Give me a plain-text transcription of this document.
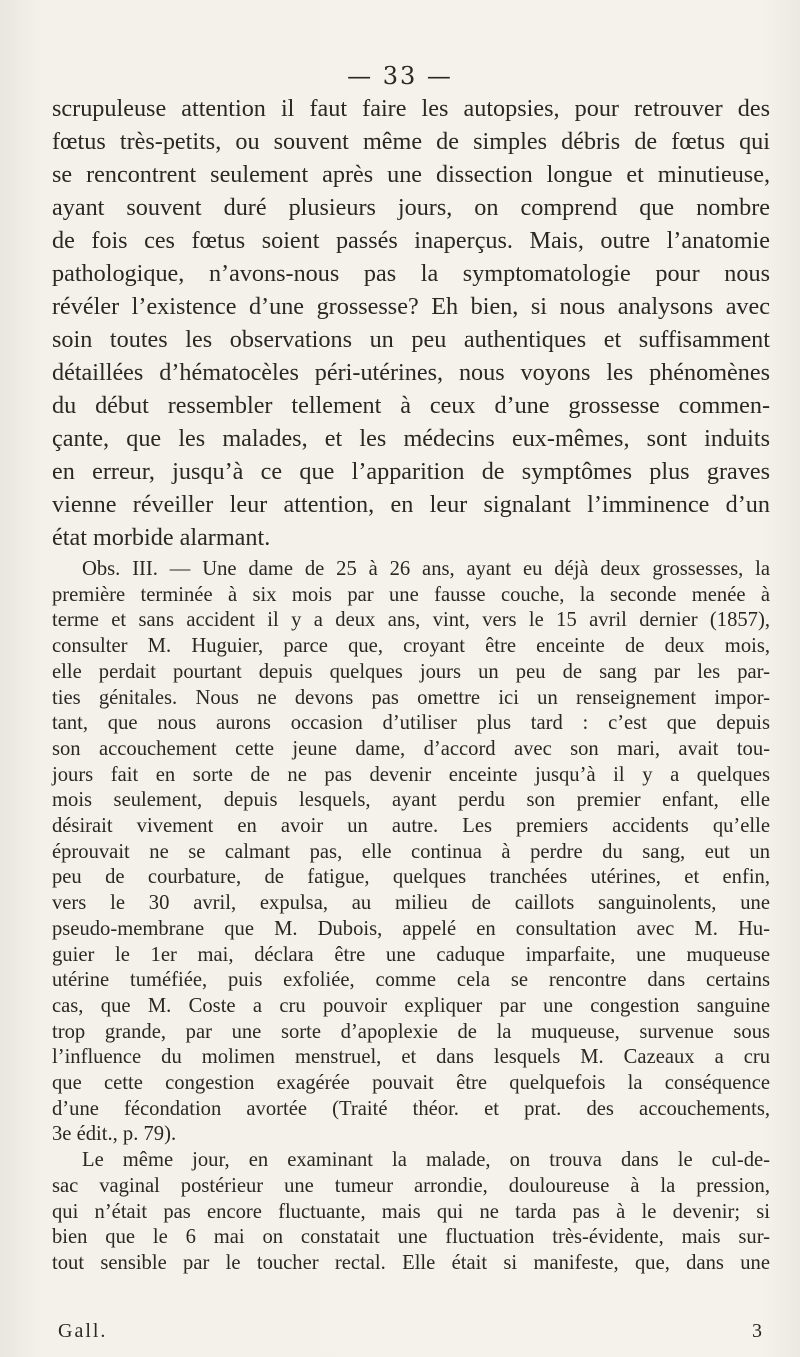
— 33 —
scrupuleuse attention il faut faire les autopsies, pour retrouver des
fœtus très-petits, ou souvent même de simples débris de fœtus qui
se rencontrent seulement après une dissection longue et minutieuse,
ayant souvent duré plusieurs jours, on comprend que nombre
de fois ces fœtus soient passés inaperçus. Mais, outre l’anatomie
pathologique, n’avons-nous pas la symptomatologie pour nous
révéler l’existence d’une grossesse? Eh bien, si nous analysons avec
soin toutes les observations un peu authentiques et suffisamment
détaillées d’hématocèles péri-utérines, nous voyons les phénomènes
du début ressembler tellement à ceux d’une grossesse commen-
çante, que les malades, et les médecins eux-mêmes, sont induits
en erreur, jusqu’à ce que l’apparition de symptômes plus graves
vienne réveiller leur attention, en leur signalant l’imminence d’un
état morbide alarmant.
Obs. III. — Une dame de 25 à 26 ans, ayant eu déjà deux grossesses, la
première terminée à six mois par une fausse couche, la seconde menée à
terme et sans accident il y a deux ans, vint, vers le 15 avril dernier (1857),
consulter M. Huguier, parce que, croyant être enceinte de deux mois,
elle perdait pourtant depuis quelques jours un peu de sang par les par-
ties génitales. Nous ne devons pas omettre ici un renseignement impor-
tant, que nous aurons occasion d’utiliser plus tard : c’est que depuis
son accouchement cette jeune dame, d’accord avec son mari, avait tou-
jours fait en sorte de ne pas devenir enceinte jusqu’à il y a quelques
mois seulement, depuis lesquels, ayant perdu son premier enfant, elle
désirait vivement en avoir un autre. Les premiers accidents qu’elle
éprouvait ne se calmant pas, elle continua à perdre du sang, eut un
peu de courbature, de fatigue, quelques tranchées utérines, et enfin,
vers le 30 avril, expulsa, au milieu de caillots sanguinolents, une
pseudo-membrane que M. Dubois, appelé en consultation avec M. Hu-
guier le 1er mai, déclara être une caduque imparfaite, une muqueuse
utérine tuméfiée, puis exfoliée, comme cela se rencontre dans certains
cas, que M. Coste a cru pouvoir expliquer par une congestion sanguine
trop grande, par une sorte d’apoplexie de la muqueuse, survenue sous
l’influence du molimen menstruel, et dans lesquels M. Cazeaux a cru
que cette congestion exagérée pouvait être quelquefois la conséquence
d’une fécondation avortée (Traité théor. et prat. des accouchements,
3e édit., p. 79).
Le même jour, en examinant la malade, on trouva dans le cul-de-
sac vaginal postérieur une tumeur arrondie, douloureuse à la pression,
qui n’était pas encore fluctuante, mais qui ne tarda pas à le devenir; si
bien que le 6 mai on constatait une fluctuation très-évidente, mais sur-
tout sensible par le toucher rectal. Elle était si manifeste, que, dans une
Gall.	3
